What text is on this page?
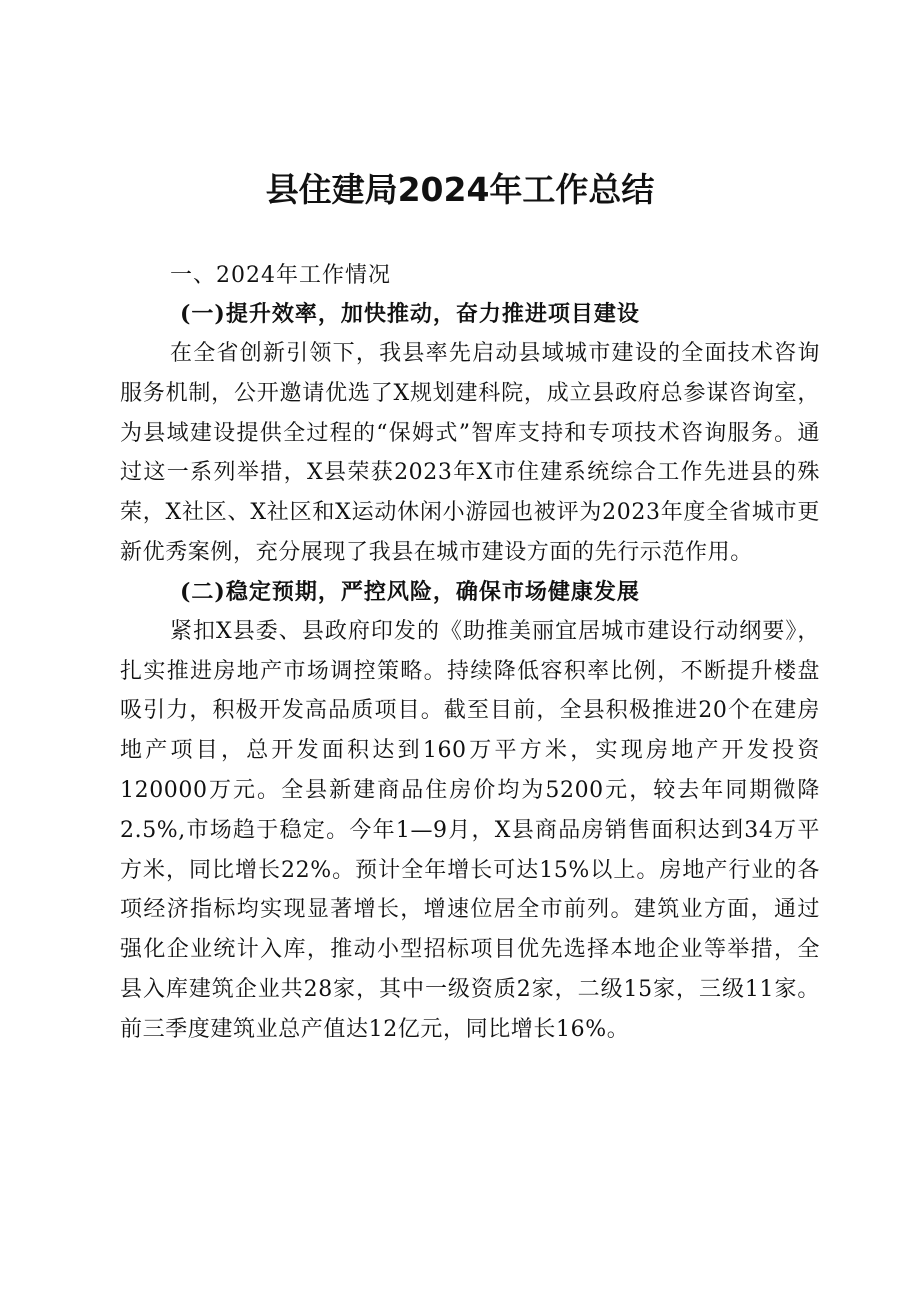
县住建局2024年工作总结
一、2024年工作情况
(一)提升效率，加快推动，奋力推进项目建设

在全省创新引领下，我县率先启动县域城市建设的全面技术咨询服务机制，公开邀请优选了X规划建科院，成立县政府总参谋咨询室，为县域建设提供全过程的“保姆式”智库支持和专项技术咨询服务。通过这一系列举措，X县荣获2023年X市住建系统综合工作先进县的殊荣，X社区、X社区和X运动休闲小游园也被评为2023年度全省城市更新优秀案例，充分展现了我县在城市建设方面的先行示范作用。

(二)稳定预期，严控风险，确保市场健康发展

紧扣X县委、县政府印发的《助推美丽宜居城市建设行动纲要》，扎实推进房地产市场调控策略。持续降低容积率比例，不断提升楼盘吸引力，积极开发高品质项目。截至目前，全县积极推进20个在建房地产项目，总开发面积达到160万平方米，实现房地产开发投资120000万元。全县新建商品住房价均为5200元，较去年同期微降2.5%,市场趋于稳定。今年1—9月，X县商品房销售面积达到34万平方米，同比增长22%。预计全年增长可达15%以上。房地产行业的各项经济指标均实现显著增长，增速位居全市前列。建筑业方面，通过强化企业统计入库，推动小型招标项目优先选择本地企业等举措，全县入库建筑企业共28家，其中一级资质2家，二级15家，三级11家。前三季度建筑业总产值达12亿元，同比增长16%。
